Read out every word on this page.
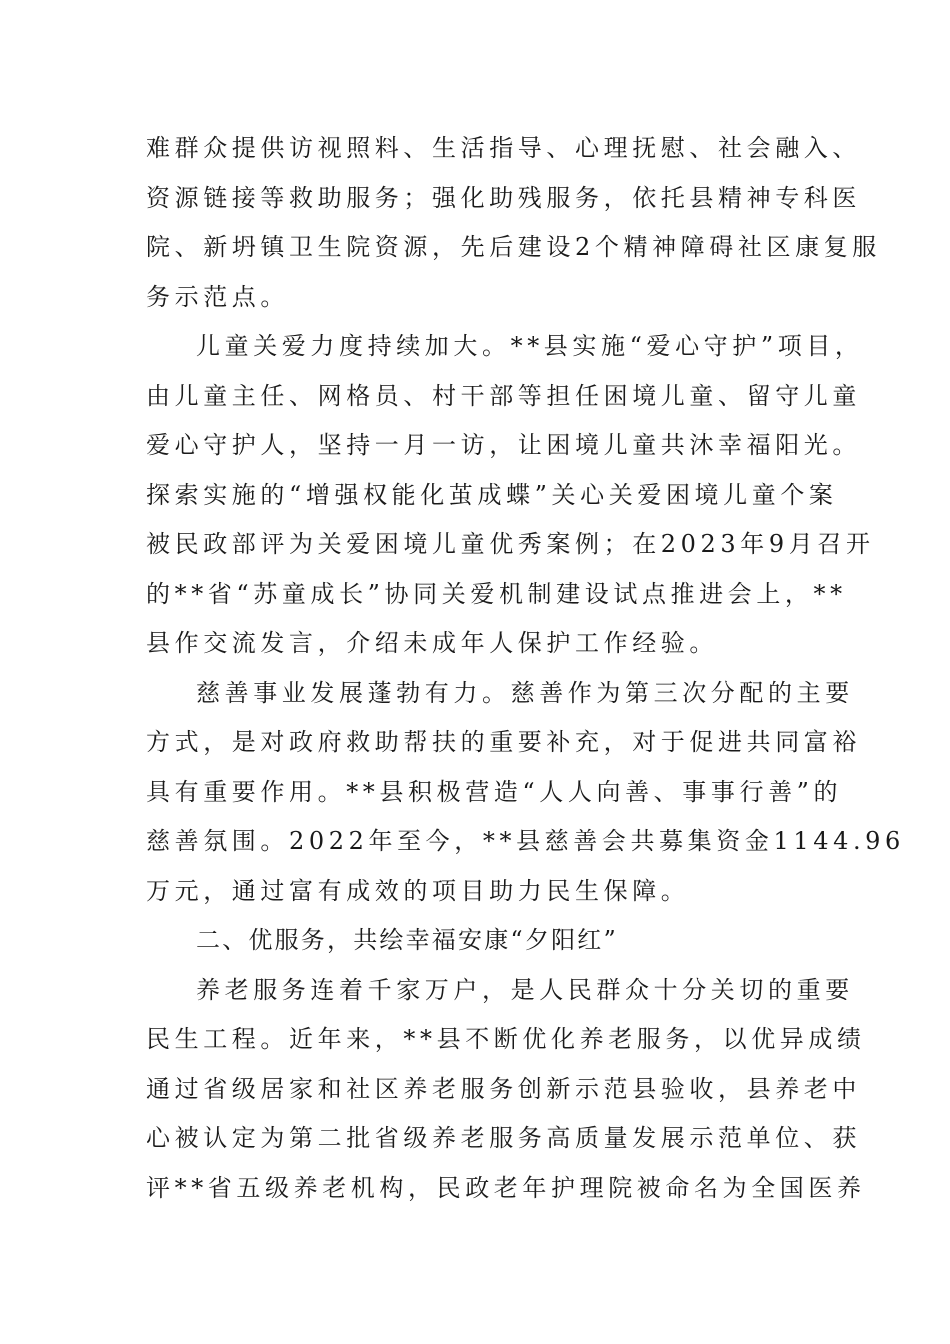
难群众提供访视照料、生活指导、心理抚慰、社会融入、
资源链接等救助服务；强化助残服务，依托县精神专科医
院、新坍镇卫生院资源，先后建设2个精神障碍社区康复服
务示范点。
儿童关爱力度持续加大。**县实施“爱心守护”项目，
由儿童主任、网格员、村干部等担任困境儿童、留守儿童
爱心守护人，坚持一月一访，让困境儿童共沐幸福阳光。
探索实施的“增强权能化茧成蝶”关心关爱困境儿童个案
被民政部评为关爱困境儿童优秀案例；在2023年9月召开
的**省“苏童成长”协同关爱机制建设试点推进会上，**
县作交流发言，介绍未成年人保护工作经验。
慈善事业发展蓬勃有力。慈善作为第三次分配的主要
方式，是对政府救助帮扶的重要补充，对于促进共同富裕
具有重要作用。**县积极营造“人人向善、事事行善”的
慈善氛围。2022年至今，**县慈善会共募集资金1144.96
万元，通过富有成效的项目助力民生保障。
二、优服务，共绘幸福安康“夕阳红”
养老服务连着千家万户，是人民群众十分关切的重要
民生工程。近年来，**县不断优化养老服务，以优异成绩
通过省级居家和社区养老服务创新示范县验收，县养老中
心被认定为第二批省级养老服务高质量发展示范单位、获
评**省五级养老机构，民政老年护理院被命名为全国医养
